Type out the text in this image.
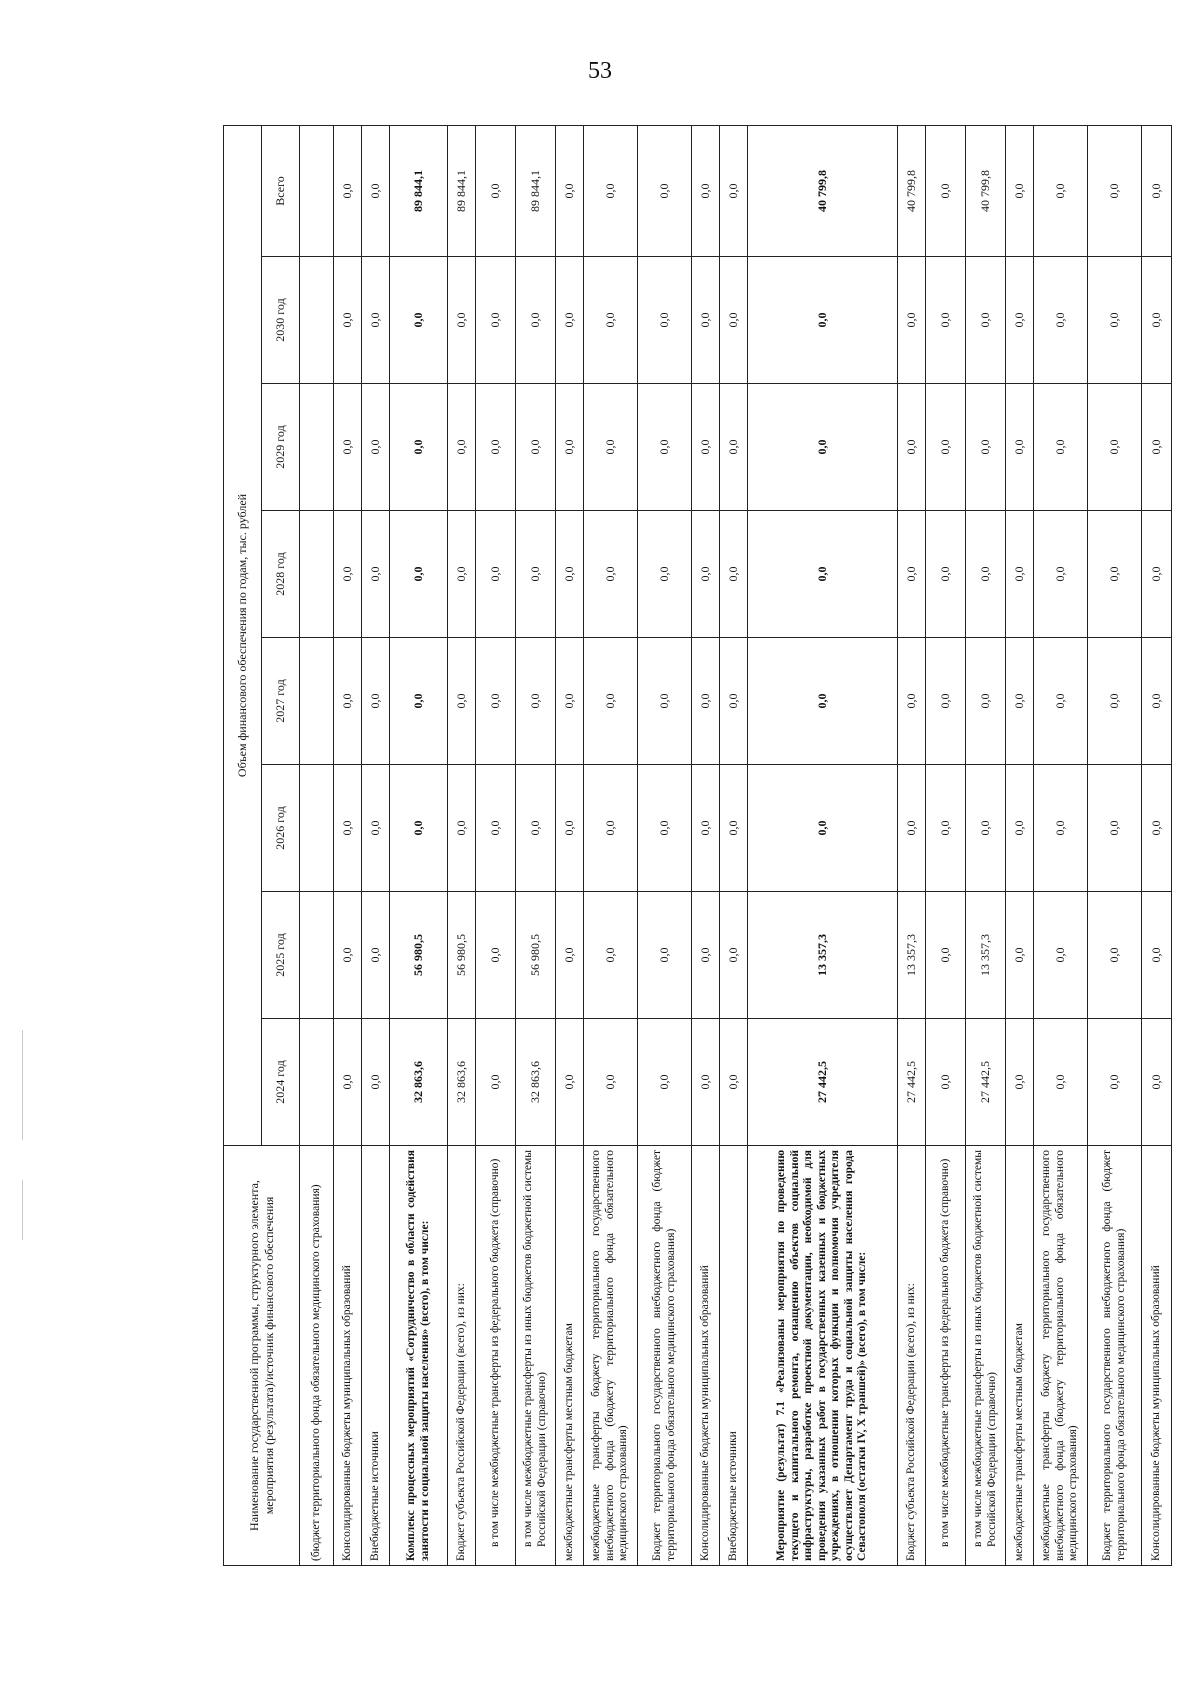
53
Наименование государственной программы, структурного элемента, мероприятия (результата)/источник финансового обеспечения	Объем финансового обеспечения по годам, тыс. рублей							
	2024 год	2025 год	2026 год	2027 год	2028 год	2029 год	2030 год	Всего
(бюджет территориального фонда обязательного медицинского страхования)								
Консолидированные бюджеты муниципальных образований	0,0	0,0	0,0	0,0	0,0	0,0	0,0	0,0
Внебюджетные источники	0,0	0,0	0,0	0,0	0,0	0,0	0,0	0,0
Комплекс процессных мероприятий «Сотрудничество в области содействия занятости и социальной защиты населения» (всего), в том числе:	32 863,6	56 980,5	0,0	0,0	0,0	0,0	0,0	89 844,1
Бюджет субъекта Российской Федерации (всего), из них:	32 863,6	56 980,5	0,0	0,0	0,0	0,0	0,0	89 844,1
в том числе межбюджетные трансферты из федерального бюджета (справочно)	0,0	0,0	0,0	0,0	0,0	0,0	0,0	0,0
в том числе межбюджетные трансферты из иных бюджетов бюджетной системы Российской Федерации (справочно)	32 863,6	56 980,5	0,0	0,0	0,0	0,0	0,0	89 844,1
межбюджетные трансферты местным бюджетам	0,0	0,0	0,0	0,0	0,0	0,0	0,0	0,0
межбюджетные трансферты бюджету территориального государственного внебюджетного фонда (бюджету территориального фонда обязательного медицинского страхования)	0,0	0,0	0,0	0,0	0,0	0,0	0,0	0,0
Бюджет территориального государственного внебюджетного фонда (бюджет территориального фонда обязательного медицинского страхования)	0,0	0,0	0,0	0,0	0,0	0,0	0,0	0,0
Консолидированные бюджеты муниципальных образований	0,0	0,0	0,0	0,0	0,0	0,0	0,0	0,0
Внебюджетные источники	0,0	0,0	0,0	0,0	0,0	0,0	0,0	0,0
Мероприятие (результат) 7.1 «Реализованы мероприятия по проведению текущего и капитального ремонта, оснащению объектов социальной инфраструктуры, разработке проектной документации, необходимой для проведения указанных работ в государственных казенных и бюджетных учреждениях, в отношении которых функции и полномочия учредителя осуществляет Департамент труда и социальной защиты населения города Севастополя (остатки IV, X траншей)» (всего), в том числе:	27 442,5	13 357,3	0,0	0,0	0,0	0,0	0,0	40 799,8
Бюджет субъекта Российской Федерации (всего), из них:	27 442,5	13 357,3	0,0	0,0	0,0	0,0	0,0	40 799,8
в том числе межбюджетные трансферты из федерального бюджета (справочно)	0,0	0,0	0,0	0,0	0,0	0,0	0,0	0,0
в том числе межбюджетные трансферты из иных бюджетов бюджетной системы Российской Федерации (справочно)	27 442,5	13 357,3	0,0	0,0	0,0	0,0	0,0	40 799,8
межбюджетные трансферты местным бюджетам	0,0	0,0	0,0	0,0	0,0	0,0	0,0	0,0
межбюджетные трансферты бюджету территориального государственного внебюджетного фонда (бюджету территориального фонда обязательного медицинского страхования)	0,0	0,0	0,0	0,0	0,0	0,0	0,0	0,0
Бюджет территориального государственного внебюджетного фонда (бюджет территориального фонда обязательного медицинского страхования)	0,0	0,0	0,0	0,0	0,0	0,0	0,0	0,0
Консолидированные бюджеты муниципальных образований	0,0	0,0	0,0	0,0	0,0	0,0	0,0	0,0
